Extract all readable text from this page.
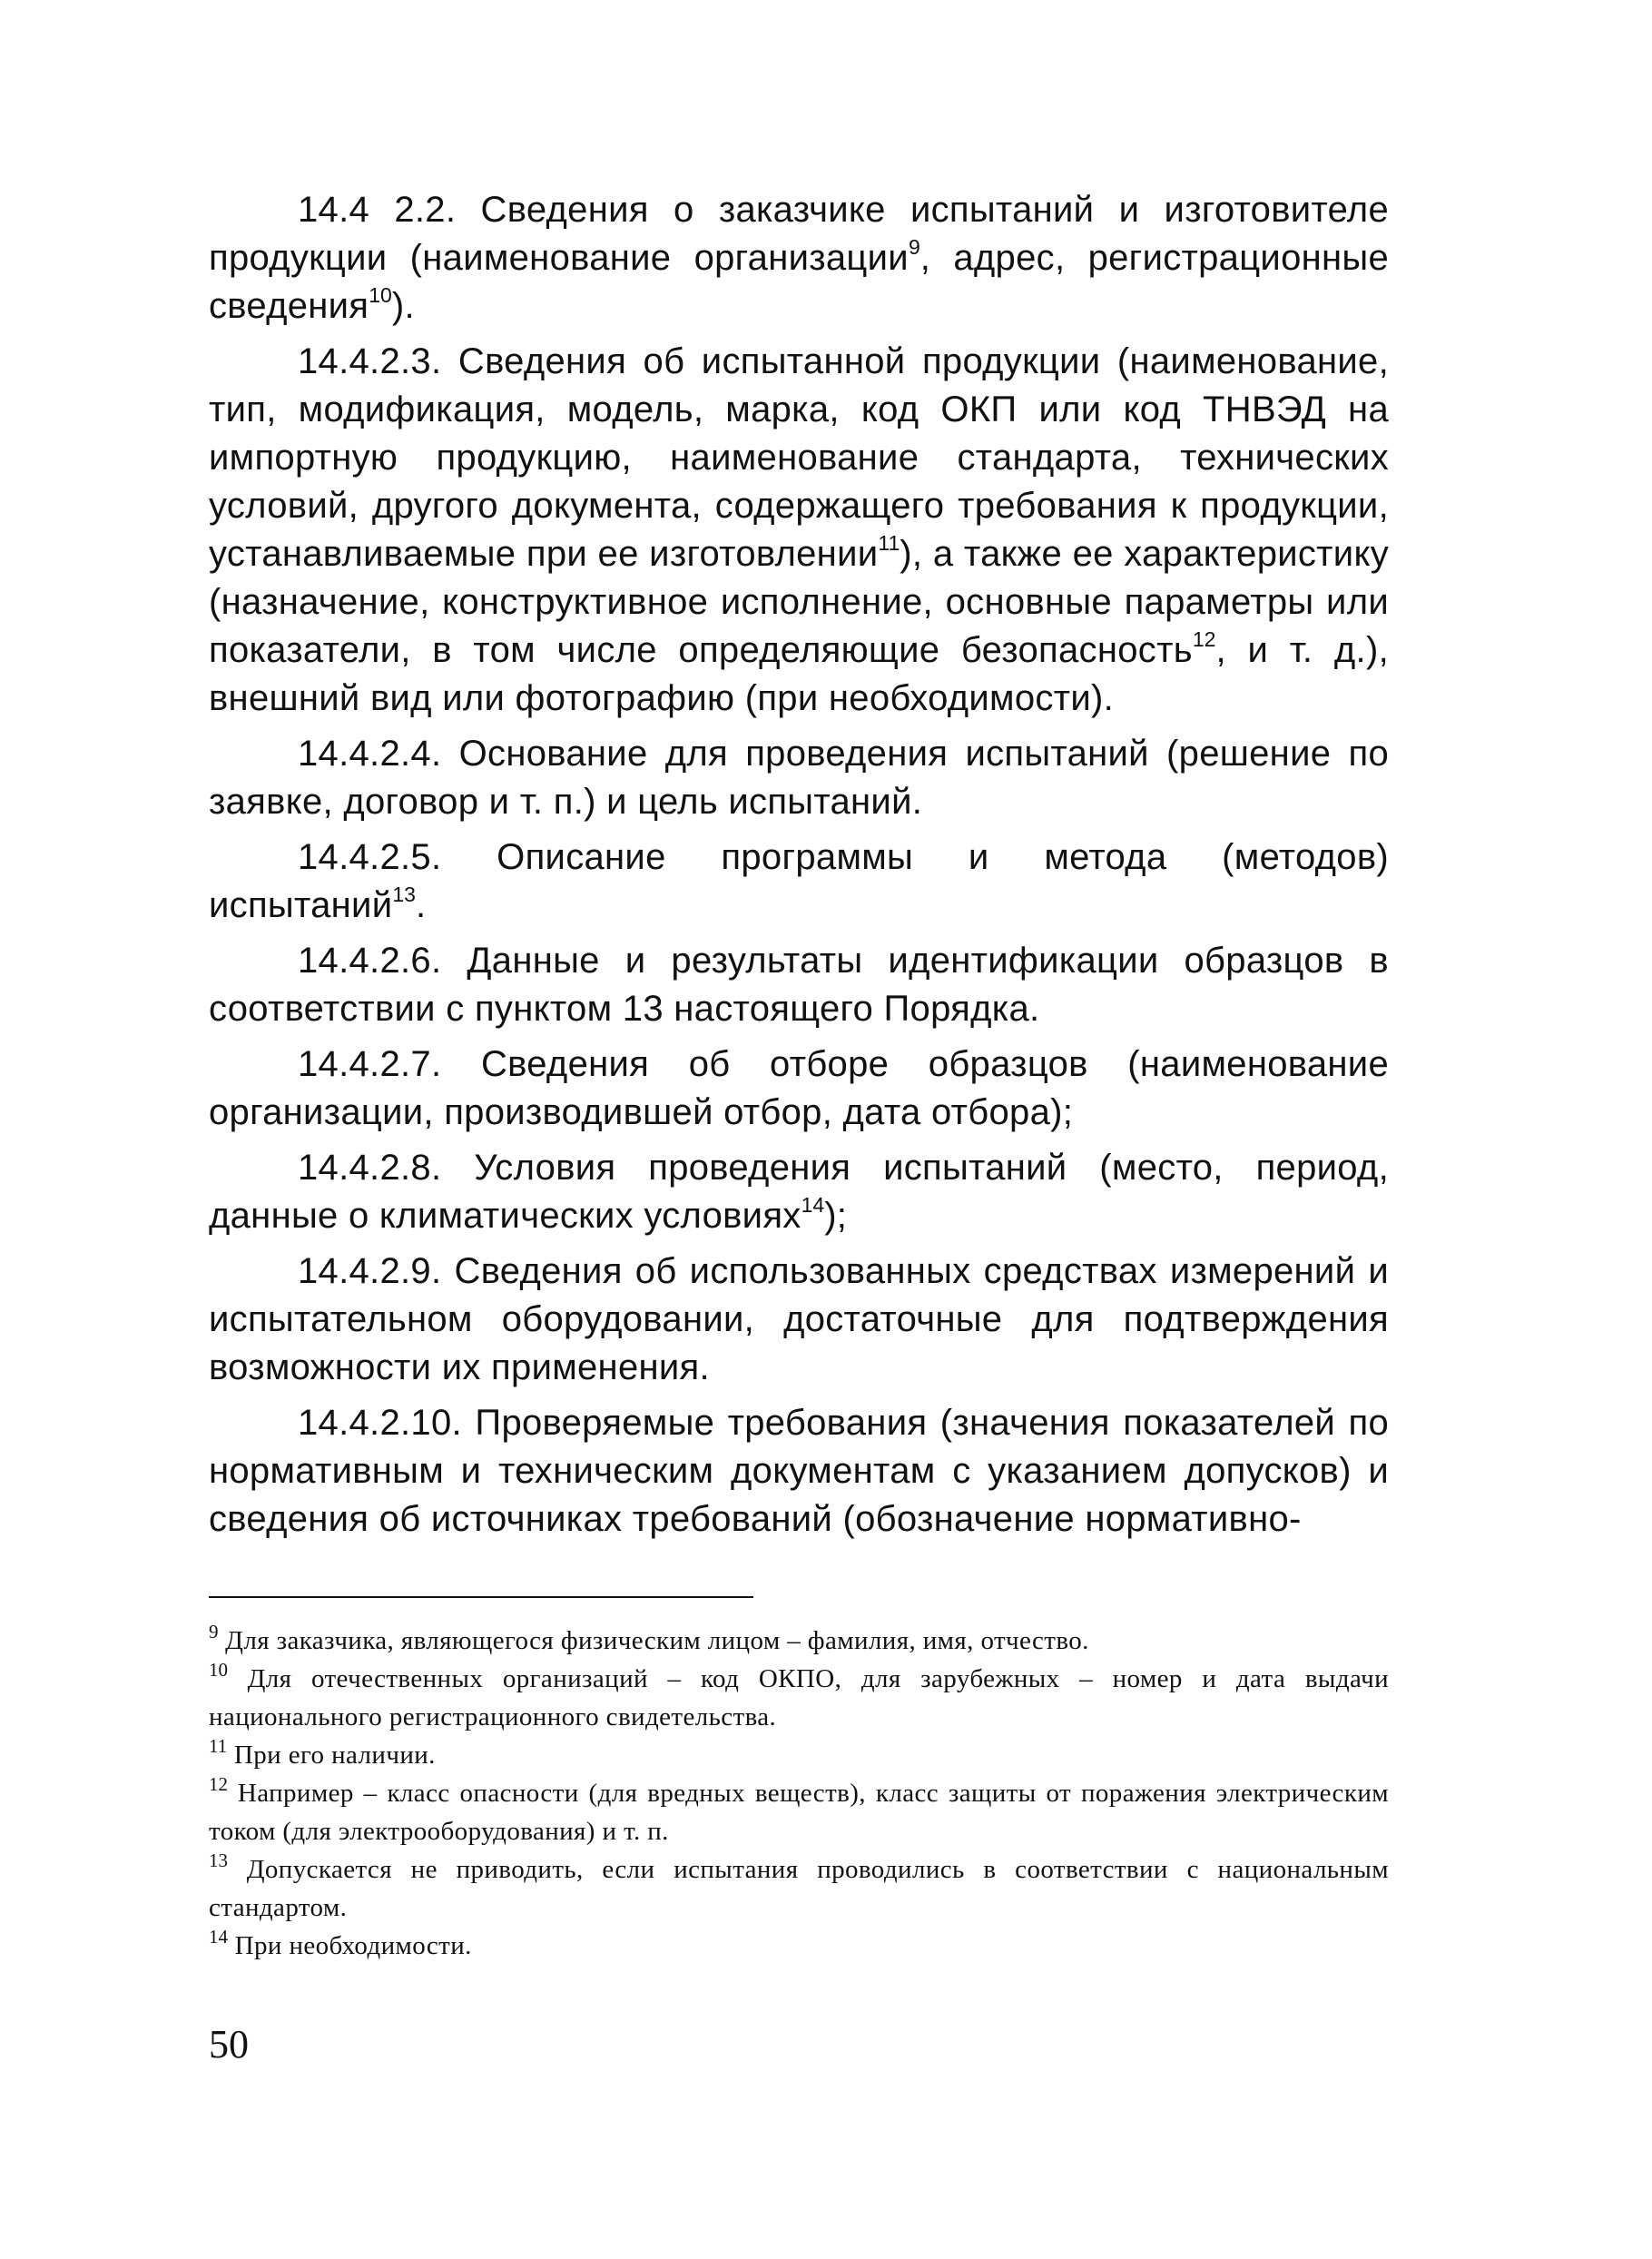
14.4 2.2. Сведения о заказчике испытаний и изготовителе продукции (наименование организации$^9$, адрес, регистрационные сведения$^{10}$).

14.4.2.3. Сведения об испытанной продукции (наименование, тип, модификация, модель, марка, код ОКП или код ТНВЭД на импортную продукцию, наименование стандарта, технических условий, другого документа, содержащего требования к продукции, устанавливаемые при ее изготовлении$^{11}$), а также ее характеристику (назначение, конструктивное исполнение, основные параметры или показатели, в том числе определяющие безопасность$^{12}$, и т. д.), внешний вид или фотографию (при необходимости).

14.4.2.4. Основание для проведения испытаний (решение по заявке, договор и т. п.) и цель испытаний.

14.4.2.5. Описание программы и метода (методов) испытаний$^{13}$.

14.4.2.6. Данные и результаты идентификации образцов в соответствии с пунктом 13 настоящего Порядка.

14.4.2.7. Сведения об отборе образцов (наименование организации, производившей отбор, дата отбора);

14.4.2.8. Условия проведения испытаний (место, период, данные о климатических условиях$^{14}$);

14.4.2.9. Сведения об использованных средствах измерений и испытательном оборудовании, достаточные для подтверждения возможности их применения.

14.4.2.10. Проверяемые требования (значения показателей по нормативным и техническим документам с указанием допусков) и сведения об источниках требований (обозначение нормативно-

$^9$ Для заказчика, являющегося физическим лицом – фамилия, имя, отчество.

$^{10}$ Для отечественных организаций – код ОКПО, для зарубежных – номер и дата выдачи национального регистрационного свидетельства.

$^{11}$ При его наличии.

$^{12}$ Например – класс опасности (для вредных веществ), класс защиты от поражения электрическим током (для электрооборудования) и т. п.

$^{13}$ Допускается не приводить, если испытания проводились в соответствии с национальным стандартом.

$^{14}$ При необходимости.

50
